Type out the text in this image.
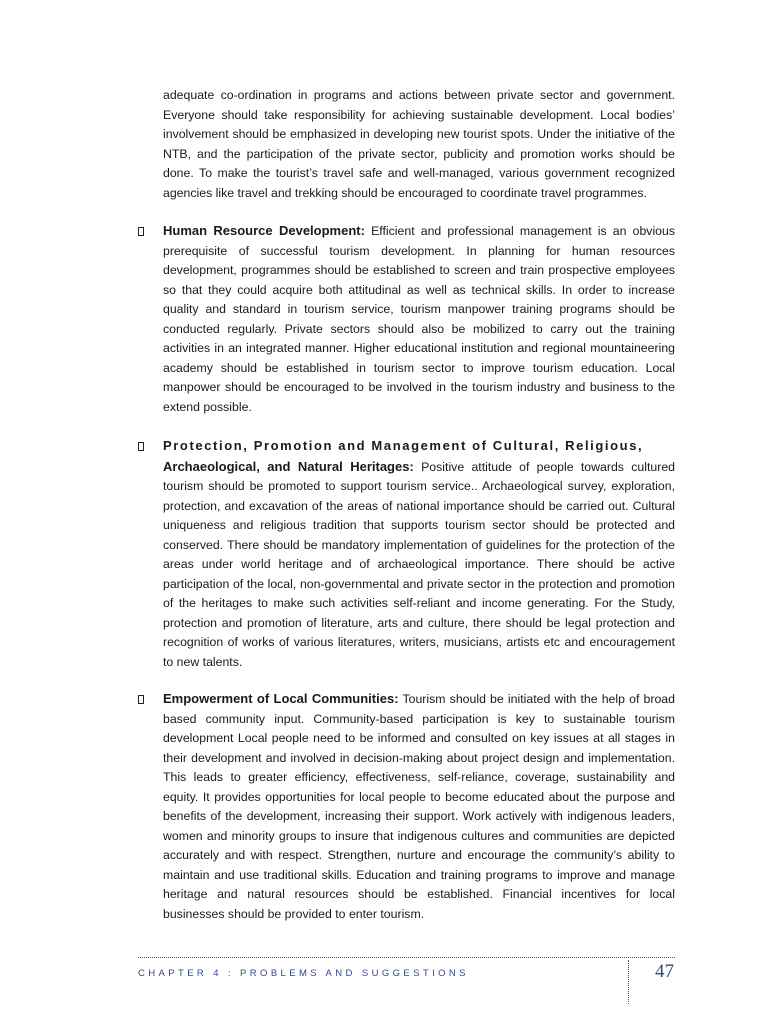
adequate co-ordination in programs and actions between private sector and government. Everyone should take responsibility for achieving sustainable development. Local bodies’ involvement should be emphasized in developing new tourist spots. Under the initiative of the NTB, and the participation of the private sector, publicity and promotion works should be done. To make the tourist’s travel safe and well-managed, various government recognized agencies like travel and trekking should be encouraged to coordinate travel programmes.

Human Resource Development: Efficient and professional management is an obvious prerequisite of successful tourism development. In planning for human resources development, programmes should be established to screen and train prospective employees so that they could acquire both attitudinal as well as technical skills. In order to increase quality and standard in tourism service, tourism manpower training programs should be conducted regularly. Private sectors should also be mobilized to carry out the training activities in an integrated manner. Higher educational institution and regional mountaineering academy should be established in tourism sector to improve tourism education. Local manpower should be encouraged to be involved in the tourism industry and business to the extend possible.

Protection, Promotion and Management of Cultural, Religious,
Archaeological, and Natural Heritages: Positive attitude of people towards cultured tourism should be promoted to support tourism service.. Archaeological survey, exploration, protection, and excavation of the areas of national importance should be carried out. Cultural uniqueness and religious tradition that supports tourism sector should be protected and conserved. There should be mandatory implementation of guidelines for the protection of the areas under world heritage and of archaeological importance. There should be active participation of the local, non-governmental and private sector in the protection and promotion of the heritages to make such activities self-reliant and income generating. For the Study, protection and promotion of literature, arts and culture, there should be legal protection and recognition of works of various literatures, writers, musicians, artists etc and encouragement to new talents.

Empowerment of Local Communities: Tourism should be initiated with the help of broad based community input. Community-based participation is key to sustainable tourism development Local people need to be informed and consulted on key issues at all stages in their development and involved in decision-making about project design and implementation. This leads to greater efficiency, effectiveness, self-reliance, coverage, sustainability and equity. It provides opportunities for local people to become educated about the purpose and benefits of the development, increasing their support. Work actively with indigenous leaders, women and minority groups to insure that indigenous cultures and communities are depicted accurately and with respect. Strengthen, nurture and encourage the community’s ability to maintain and use traditional skills. Education and training programs to improve and manage heritage and natural resources should be established. Financial incentives for local businesses should be provided to enter tourism.

CHAPTER 4 : PROBLEMS AND SUGGESTIONS	47
